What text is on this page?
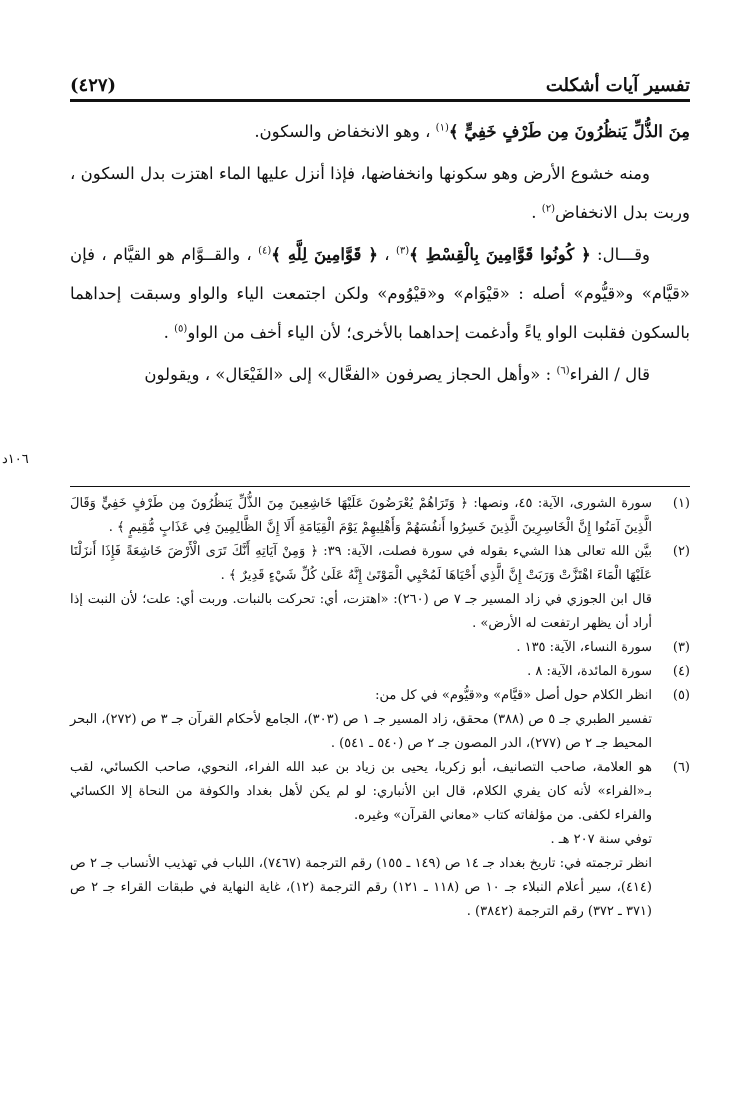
تفسير آيات أشكلت
(٤٢٧)

مِنَ الذُّلِّ يَنظُرُونَ مِن طَرْفٍ خَفِيٍّ ﴾$^{(١)}$ ، وهو الانخفاض والسكون.

ومنه خشوع الأرض وهو سكونها وانخفاضها، فإذا أنزل عليها الماء اهتزت بدل السكون ، وربت بدل الانخفاض$^{(٢)}$ .

وقـــال: ﴿ كُونُوا قَوَّامِينَ بِالْقِسْطِ ﴾$^{(٣)}$ ، ﴿ قَوَّامِينَ لِلَّهِ ﴾$^{(٤)}$ ، والقــوَّام هو القيَّام ، فإن «قيَّام» و«قيُّوم» أصله : «قيْوَام» و«قيْوُوم» ولكن اجتمعت الياء والواو وسبقت إحداهما بالسكون فقلبت الواو ياءً وأدغمت إحداهما بالأخرى؛ لأن الياء أخف من الواو$^{(٥)}$ .

قال / الفراء$^{(٦)}$ : «وأهل الحجاز يصرفون «الفعَّال» إلى «الفَيْعَال» ، ويقولون

١٠٦د
(١)

سورة الشورى، الآية: ٤٥، ونصها: ﴿ وَتَرَاهُمْ يُعْرَضُونَ عَلَيْهَا خَاشِعِينَ مِنَ الذُّلِّ يَنظُرُونَ مِن طَرْفٍ خَفِيٍّ وَقَالَ الَّذِينَ آمَنُوا إِنَّ الْخَاسِرِينَ الَّذِينَ خَسِرُوا أَنفُسَهُمْ وَأَهْلِيهِمْ يَوْمَ الْقِيَامَةِ أَلَا إِنَّ الظَّالِمِينَ فِي عَذَابٍ مُّقِيمٍ ﴾ .

(٢)

بيَّن الله تعالى هذا الشيء بقوله في سورة فصلت، الآية: ٣٩: ﴿ وَمِنْ آيَاتِهِ أَنَّكَ تَرَى الْأَرْضَ خَاشِعَةً فَإِذَا أَنزَلْنَا عَلَيْهَا الْمَاءَ اهْتَزَّتْ وَرَبَتْ إِنَّ الَّذِي أَحْيَاهَا لَمُحْيِي الْمَوْتَىٰ إِنَّهُ عَلَىٰ كُلِّ شَيْءٍ قَدِيرٌ ﴾ .

قال ابن الجوزي في زاد المسير جـ ٧ ص (٢٦٠): «اهتزت، أي: تحركت بالنبات. وربت أي: علت؛ لأن النبت إذا أراد أن يظهر ارتفعت له الأرض» .

(٣)

سورة النساء، الآية: ١٣٥ .

(٤)

سورة المائدة، الآية: ٨ .

(٥)

انظر الكلام حول أصل «قيَّام» و«قيُّوم» في كل من:

تفسير الطبري جـ ٥ ص (٣٨٨) محقق، زاد المسير جـ ١ ص (٣٠٣)، الجامع لأحكام القرآن جـ ٣ ص (٢٧٢)، البحر المحيط جـ ٢ ص (٢٧٧)، الدر المصون جـ ٢ ص (٥٤٠ ـ ٥٤١) .

(٦)

هو العلامة، صاحب التصانيف، أبو زكريا، يحيى بن زياد بن عبد الله الفراء، النحوي، صاحب الكسائي، لقب بـ«الفراء» لأنه كان يفري الكلام، قال ابن الأنباري: لو لم يكن لأهل بغداد والكوفة من النحاة إلا الكسائي والفراء لكفى. من مؤلفاته كتاب «معاني القرآن» وغيره.

توفي سنة ٢٠٧ هـ .

انظر ترجمته في: تاريخ بغداد جـ ١٤ ص (١٤٩ ـ ١٥٥) رقم الترجمة (٧٤٦٧)، اللباب في تهذيب الأنساب جـ ٢ ص (٤١٤)، سير أعلام النبلاء جـ ١٠ ص (١١٨ ـ ١٢١) رقم الترجمة (١٢)، غاية النهاية في طبقات القراء جـ ٢ ص (٣٧١ ـ ٣٧٢) رقم الترجمة (٣٨٤٢) .
